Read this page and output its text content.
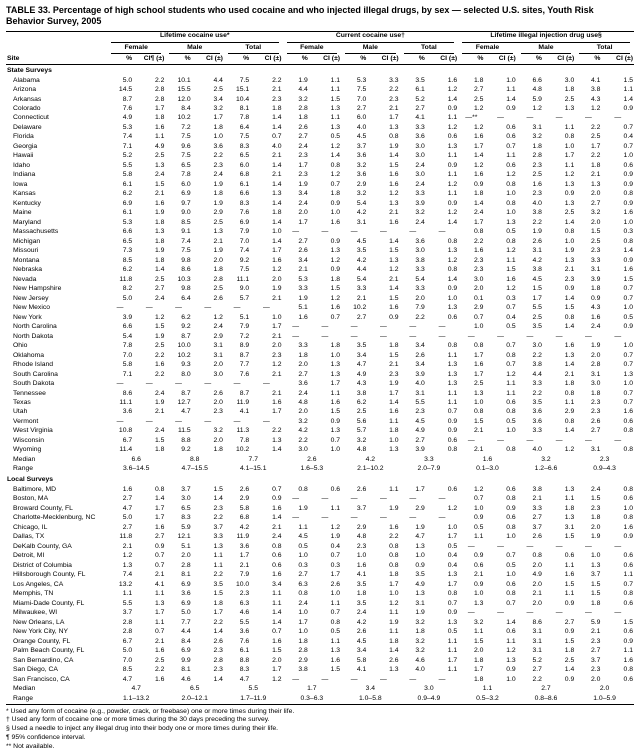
TABLE 33. Percentage of high school students who used cocaine and who injected illegal drugs, by sex — selected U.S. sites, Youth Risk Behavior Survey, 2005

	Lifetime cocaine use*						Current cocaine use†						Lifetime illegal injection drug use§					

	Female		Male		Total		Female		Male		Total		Female		Male		Total	

Site	%	CI¶ (±)	%	CI (±)	%	CI (±)	%	CI (±)	%	CI (±)	%	CI (±)	%	CI (±)	%	CI (±)	%	CI (±)
State Surveys																		
Alabama	5.0	2.2	10.1	4.4	7.5	2.2	1.9	1.1	5.3	3.3	3.5	1.6	1.8	1.0	6.6	3.0	4.1	1.5
Arizona	14.5	2.8	15.5	2.5	15.1	2.1	4.4	1.1	7.5	2.2	6.1	1.2	2.7	1.1	4.8	1.8	3.8	1.1
Arkansas	8.7	2.8	12.0	3.4	10.4	2.3	3.2	1.5	7.0	2.3	5.2	1.4	2.5	1.4	5.9	2.5	4.3	1.4
Colorado	7.6	1.7	8.4	3.2	8.1	1.8	2.8	1.3	2.7	2.1	2.7	0.9	1.2	0.9	1.2	1.3	1.2	0.9
Connecticut	4.9	1.8	10.2	1.7	7.8	1.4	1.8	1.1	6.0	1.7	4.1	1.1	—**	—	—	—	—	—
Delaware	5.3	1.6	7.2	1.8	6.4	1.4	2.6	1.3	4.0	1.3	3.3	1.2	1.2	0.6	3.1	1.1	2.2	0.7
Florida	7.4	1.1	7.5	1.0	7.5	0.7	2.7	0.5	4.5	0.8	3.6	0.6	1.6	0.6	3.2	0.8	2.5	0.4
Georgia	7.1	4.9	9.6	3.6	8.3	4.0	2.4	1.2	3.7	1.9	3.0	1.3	1.7	0.7	1.8	1.0	1.7	0.7
Hawaii	5.2	2.5	7.5	2.2	6.5	2.1	2.3	1.4	3.6	1.4	3.0	1.1	1.4	1.1	2.8	1.7	2.2	1.0
Idaho	5.5	1.3	6.5	2.3	6.0	1.4	1.7	0.8	3.2	1.5	2.4	0.9	1.2	0.6	2.3	1.1	1.8	0.6
Indiana	5.8	2.4	7.8	2.4	6.8	2.1	2.3	1.2	3.6	1.6	3.0	1.1	1.6	1.2	2.5	1.2	2.1	0.9
Iowa	6.1	1.5	6.0	1.9	6.1	1.4	1.9	0.7	2.9	1.6	2.4	1.2	0.9	0.8	1.6	1.3	1.3	0.9
Kansas	6.2	2.1	6.9	1.8	6.6	1.3	3.4	1.8	3.2	1.2	3.3	1.1	1.8	1.0	2.3	0.9	2.0	0.8
Kentucky	6.9	1.6	9.7	1.9	8.3	1.4	2.4	0.9	5.4	1.3	3.9	0.9	1.4	0.8	4.0	1.3	2.7	0.9
Maine	6.1	1.9	9.0	2.9	7.6	1.8	2.0	1.0	4.2	2.1	3.2	1.2	2.4	1.0	3.8	2.5	3.2	1.6
Maryland	5.3	1.8	8.5	2.5	6.9	1.4	1.7	1.6	3.1	1.6	2.4	1.4	1.7	1.3	2.2	1.4	2.0	1.0
Massachusetts	6.6	1.3	9.1	1.3	7.9	1.0	—	—	—	—	—	—	0.8	0.5	1.9	0.8	1.5	0.3
Michigan	6.5	1.8	7.4	2.1	7.0	1.4	2.7	0.9	4.5	1.4	3.6	0.8	2.2	0.8	2.6	1.0	2.5	0.8
Missouri	7.3	1.9	7.5	1.9	7.4	1.7	2.6	1.3	3.5	1.5	3.0	1.3	1.6	1.2	3.1	1.9	2.3	1.4
Montana	8.5	1.8	9.8	2.0	9.2	1.6	3.4	1.2	4.2	1.3	3.8	1.2	2.3	1.1	4.2	1.3	3.3	0.9
Nebraska	6.2	1.4	8.6	1.8	7.5	1.2	2.1	0.9	4.4	1.2	3.3	0.8	2.3	1.5	3.8	2.1	3.1	1.6
Nevada	11.8	2.5	10.3	2.8	11.1	2.0	5.3	1.8	5.4	2.1	5.4	1.4	3.0	1.6	4.5	2.3	3.9	1.5
New Hampshire	8.2	2.7	9.8	2.5	9.0	1.9	3.3	1.5	3.3	1.4	3.3	0.9	2.0	1.2	1.5	0.9	1.8	0.7
New Jersey	5.0	2.4	6.4	2.6	5.7	2.1	1.9	1.2	2.1	1.5	2.0	1.0	0.1	0.3	1.7	1.4	0.9	0.7
New Mexico	—	—	—	—	—	—	5.1	1.6	10.2	1.6	7.9	1.3	2.9	0.7	5.5	1.5	4.3	1.0
New York	3.9	1.2	6.2	1.2	5.1	1.0	1.6	0.7	2.7	0.9	2.2	0.6	0.7	0.4	2.5	0.8	1.6	0.5
North Carolina	6.6	1.5	9.2	2.4	7.9	1.7	—	—	—	—	—	—	1.0	0.5	3.5	1.4	2.4	0.9
North Dakota	5.4	1.9	8.7	2.9	7.2	2.1	—	—	—	—	—	—	—	—	—	—	—	—
Ohio	7.8	2.5	10.0	3.1	8.9	2.0	3.3	1.8	3.5	1.8	3.4	0.8	0.8	0.7	3.0	1.6	1.9	1.0
Oklahoma	7.0	2.2	10.2	3.1	8.7	2.3	1.8	1.0	3.4	1.5	2.6	1.1	1.7	0.8	2.2	1.3	2.0	0.7
Rhode Island	5.8	1.6	9.3	2.0	7.7	1.2	2.0	1.3	4.7	2.1	3.4	1.3	1.6	0.7	3.8	1.4	2.8	0.7
South Carolina	7.1	2.2	8.0	3.0	7.6	2.1	2.7	1.3	4.9	2.3	3.9	1.3	1.7	1.2	4.4	2.1	3.1	1.3
South Dakota	—	—	—	—	—	—	3.6	1.7	4.3	1.9	4.0	1.3	2.5	1.1	3.3	1.8	3.0	1.0
Tennessee	8.6	2.4	8.7	2.6	8.7	2.1	2.4	1.1	3.8	1.7	3.1	1.1	1.3	1.1	2.2	0.8	1.8	0.7
Texas	11.1	1.9	12.7	2.0	11.9	1.6	4.8	1.6	6.2	1.4	5.5	1.1	1.0	0.6	3.5	1.1	2.3	0.7
Utah	3.6	2.1	4.7	2.3	4.1	1.7	2.0	1.5	2.5	1.6	2.3	0.7	0.8	0.8	3.6	2.9	2.3	1.6
Vermont	—	—	—	—	—	—	3.2	0.9	5.6	1.1	4.5	0.9	1.5	0.5	3.6	0.8	2.6	0.6
West Virginia	10.8	2.4	11.5	3.2	11.3	2.2	4.2	1.3	5.7	1.8	4.9	0.9	2.1	1.0	3.3	1.4	2.7	0.8
Wisconsin	6.7	1.5	8.8	2.0	7.8	1.3	2.2	0.7	3.2	1.0	2.7	0.6	—	—	—	—	—	—
Wyoming	11.4	1.8	9.2	1.8	10.2	1.4	3.0	1.0	4.8	1.3	3.9	0.8	2.1	0.8	4.0	1.2	3.1	0.8
Median	6.6		8.8		7.7		2.6		4.2		3.3		1.6		3.2		2.3	
Range	3.6–14.5		4.7–15.5		4.1–15.1		1.6–5.3		2.1–10.2		2.0–7.9		0.1–3.0		1.2–6.6		0.9–4.3	
Local Surveys																		
Baltimore, MD	1.6	0.8	3.7	1.5	2.6	0.7	0.8	0.6	2.6	1.1	1.7	0.6	1.2	0.6	3.8	1.3	2.4	0.8
Boston, MA	2.7	1.4	3.0	1.4	2.9	0.9	—	—	—	—	—	—	0.7	0.8	2.1	1.1	1.5	0.6
Broward County, FL	4.7	1.7	6.5	2.3	5.8	1.6	1.9	1.1	3.7	1.9	2.9	1.2	1.0	0.9	3.3	1.8	2.3	1.0
Charlotte-Mecklenburg, NC	5.0	1.7	8.3	2.2	6.8	1.4	—	—	—	—	—	—	0.9	0.6	2.7	1.3	1.8	0.8
Chicago, IL	2.7	1.6	5.9	3.7	4.2	2.1	1.1	1.2	2.9	1.6	1.9	1.0	0.5	0.8	3.7	3.1	2.0	1.6
Dallas, TX	11.8	2.7	12.1	3.3	11.9	2.4	4.5	1.9	4.8	2.2	4.7	1.7	1.1	1.0	2.6	1.5	1.9	0.9
DeKalb County, GA	2.1	0.9	5.1	1.3	3.6	0.8	0.5	0.4	2.3	0.8	1.3	0.5	—	—	—	—	—	—
Detroit, MI	1.2	0.7	2.0	1.1	1.7	0.6	1.0	0.7	1.0	0.8	1.0	0.4	0.9	0.7	0.8	0.6	1.0	0.6
District of Columbia	1.3	0.7	2.8	1.1	2.1	0.6	0.3	0.3	1.6	0.8	0.9	0.4	0.6	0.5	2.0	1.1	1.3	0.6
Hillsborough County, FL	7.4	2.1	8.1	2.2	7.9	1.6	2.7	1.7	4.1	1.8	3.5	1.3	2.1	1.0	4.9	1.6	3.7	1.1
Los Angeles, CA	13.2	4.1	6.9	3.5	10.0	3.4	6.3	2.6	3.5	1.7	4.9	1.7	0.9	0.6	2.0	1.5	1.5	0.7
Memphis, TN	1.1	1.1	3.6	1.5	2.3	1.1	0.8	1.0	1.8	1.0	1.3	0.8	1.0	0.8	2.1	1.1	1.5	0.8
Miami-Dade County, FL	5.5	1.3	6.9	1.8	6.3	1.1	2.4	1.1	3.5	1.2	3.1	0.7	1.3	0.7	2.0	0.9	1.8	0.6
Milwaukee, WI	3.7	1.7	5.0	1.7	4.6	1.4	1.0	0.7	2.4	1.1	1.9	0.9	—	—	—	—	—	—
New Orleans, LA	2.8	1.1	7.7	2.2	5.5	1.4	1.7	0.8	4.2	1.9	3.2	1.3	3.2	1.4	8.6	2.7	5.9	1.5
New York City, NY	2.8	0.7	4.4	1.4	3.6	0.7	1.0	0.5	2.6	1.1	1.8	0.5	1.1	0.6	3.1	0.9	2.1	0.6
Orange County, FL	6.7	2.1	8.4	2.6	7.6	1.6	1.8	1.1	4.5	1.8	3.2	1.1	1.5	1.1	3.1	1.5	2.3	0.9
Palm Beach County, FL	5.0	1.6	6.9	2.3	6.1	1.5	2.8	1.3	3.4	1.4	3.2	1.1	2.0	1.2	3.1	1.8	2.7	1.1
San Bernardino, CA	7.0	2.5	9.9	2.8	8.8	2.0	2.9	1.6	5.8	2.6	4.6	1.7	1.8	1.3	5.2	2.5	3.7	1.6
San Diego, CA	8.5	2.2	8.1	2.3	8.3	1.7	3.8	1.5	4.1	1.3	4.0	1.1	1.7	0.9	2.7	1.4	2.3	0.8
San Francisco, CA	4.7	1.6	4.6	1.4	4.7	1.2	—	—	—	—	—	—	1.8	1.0	2.2	0.9	2.0	0.6
Median	4.7		6.5		5.5		1.7		3.4		3.0		1.1		2.7		2.0	
Range	1.1–13.2		2.0–12.1		1.7–11.9		0.3–6.3		1.0–5.8		0.9–4.9		0.5–3.2		0.8–8.6		1.0–5.9	
* Used any form of cocaine (e.g., powder, crack, or freebase) one or more times during their life.
† Used any form of cocaine one or more times during the 30 days preceding the survey.
§ Used a needle to inject any illegal drug into their body one or more times during their life.
¶ 95% confidence interval.
** Not available.
